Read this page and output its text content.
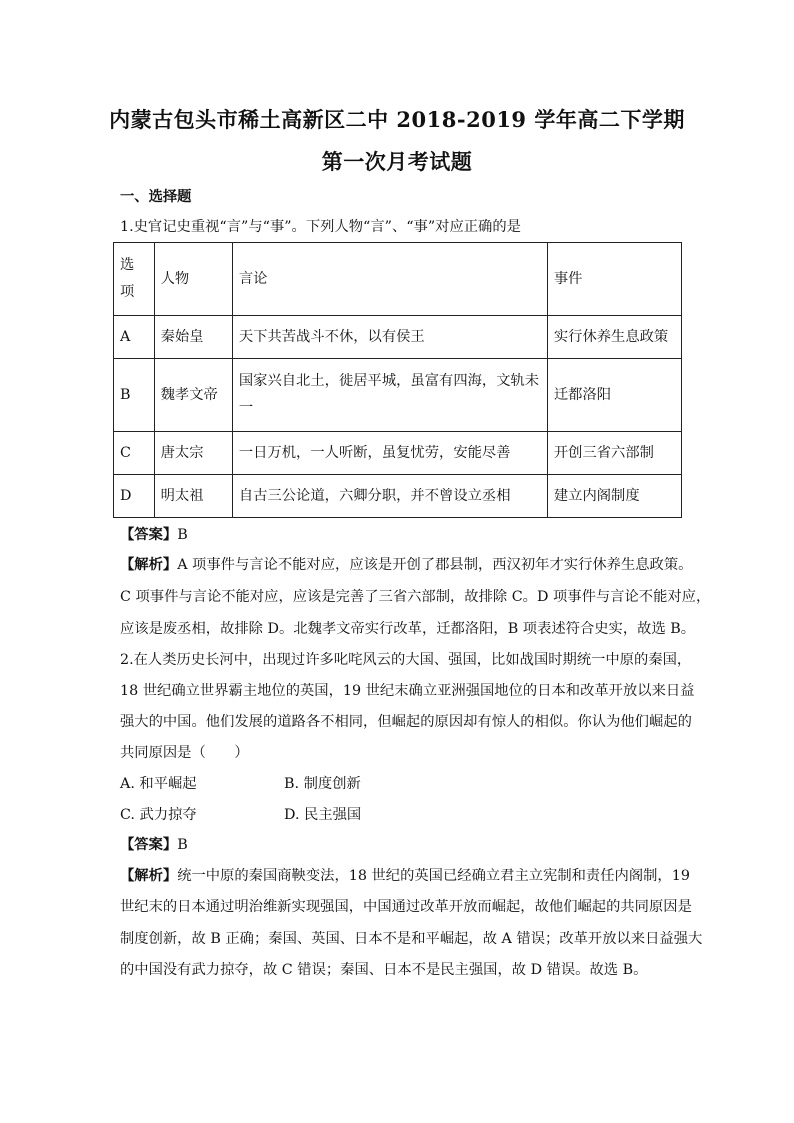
内蒙古包头市稀土高新区二中 2018-2019 学年高二下学期
第一次月考试题
一、选择题
1.史官记史重视“言”与“事”。下列人物“言”、“事”对应正确的是
选
项	人物	言论	事件
A	秦始皇	天下共苦战斗不休，以有侯王	实行休养生息政策
B	魏孝文帝	国家兴自北土，徙居平城，虽富有四海，文轨未
一	迁都洛阳
C	唐太宗	一日万机，一人听断，虽复忧劳，安能尽善	开创三省六部制
D	明太祖	自古三公论道，六卿分职，并不曾设立丞相	建立内阁制度
【答案】B
【解析】A 项事件与言论不能对应，应该是开创了郡县制，西汉初年才实行休养生息政策。
C 项事件与言论不能对应，应该是完善了三省六部制，故排除 C。D 项事件与言论不能对应，
应该是废丞相，故排除 D。北魏孝文帝实行改革，迁都洛阳，B 项表述符合史实，故选 B。
2.在人类历史长河中，出现过许多叱咤风云的大国、强国，比如战国时期统一中原的秦国，
18 世纪确立世界霸主地位的英国，19 世纪末确立亚洲强国地位的日本和改革开放以来日益
强大的中国。他们发展的道路各不相同，但崛起的原因却有惊人的相似。你认为他们崛起的
共同原因是（　　）
A. 和平崛起	B. 制度创新
C. 武力掠夺	D. 民主强国
【答案】B
【解析】统一中原的秦国商鞅变法，18 世纪的英国已经确立君主立宪制和责任内阁制，19
世纪末的日本通过明治维新实现强国，中国通过改革开放而崛起，故他们崛起的共同原因是
制度创新，故 B 正确；秦国、英国、日本不是和平崛起，故 A 错误；改革开放以来日益强大
的中国没有武力掠夺，故 C 错误；秦国、日本不是民主强国，故 D 错误。故选 B。
